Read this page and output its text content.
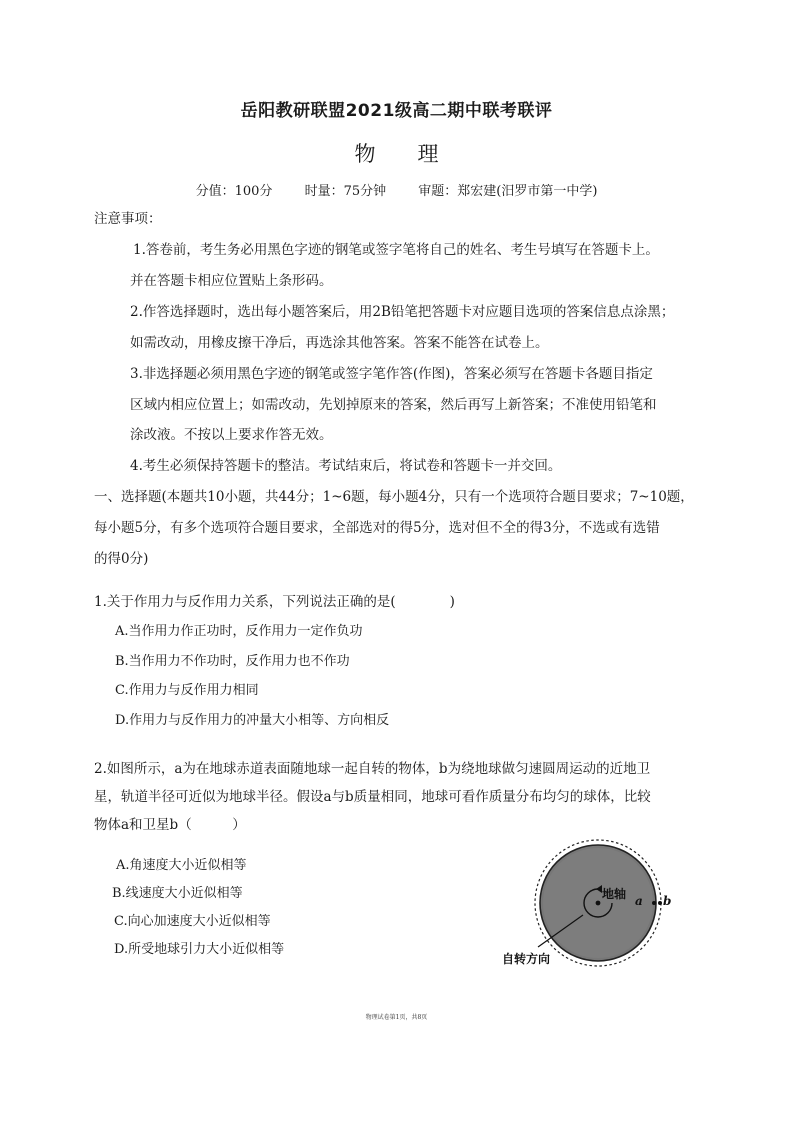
岳阳教研联盟2021级高二期中联考联评
物　　理
分值：100分 时量：75分钟 审题：郑宏建(汨罗市第一中学)
注意事项：
1.答卷前，考生务必用黑色字迹的钢笔或签字笔将自己的姓名、考生号填写在答题卡上。
并在答题卡相应位置贴上条形码。
2.作答选择题时，选出每小题答案后，用2B铅笔把答题卡对应题目选项的答案信息点涂黑；
如需改动，用橡皮擦干净后，再选涂其他答案。答案不能答在试卷上。
3.非选择题必须用黑色字迹的钢笔或签字笔作答(作图)，答案必须写在答题卡各题目指定
区域内相应位置上；如需改动，先划掉原来的答案，然后再写上新答案；不准使用铅笔和
涂改液。不按以上要求作答无效。
4.考生必须保持答题卡的整洁。考试结束后，将试卷和答题卡一并交回。
一、选择题(本题共10小题，共44分；1~6题，每小题4分，只有一个选项符合题目要求；7~10题，
每小题5分，有多个选项符合题目要求，全部选对的得5分，选对但不全的得3分，不选或有选错
的得0分)
1.关于作用力与反作用力关系，下列说法正确的是(　　　　)
A.当作用力作正功时，反作用力一定作负功
B.当作用力不作功时，反作用力也不作功
C.作用力与反作用力相同
D.作用力与反作用力的冲量大小相等、方向相反
2.如图所示，a为在地球赤道表面随地球一起自转的物体，b为绕地球做匀速圆周运动的近地卫
星，轨道半径可近似为地球半径。假设a与b质量相同，地球可看作质量分布均匀的球体，比较
物体a和卫星b（　　　）
A.角速度大小近似相等
B.线速度大小近似相等
C.向心加速度大小近似相等
D.所受地球引力大小近似相等
地轴 a b
自转方向
物理试卷第1页，共8页
